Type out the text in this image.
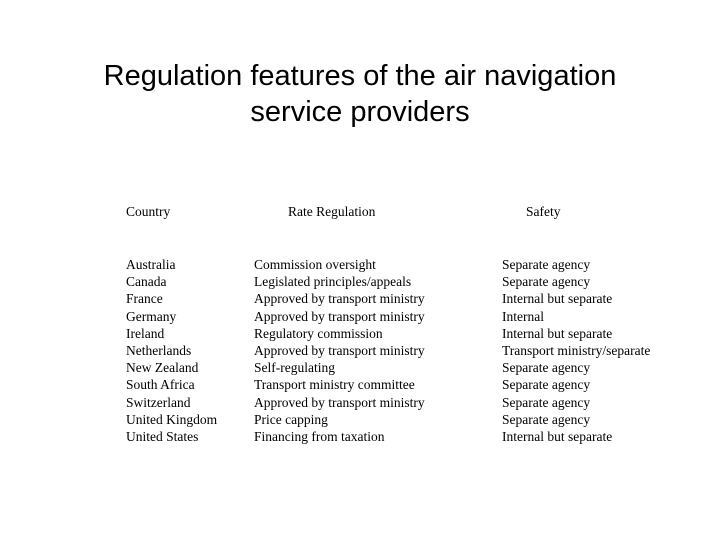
Regulation features of the air navigation
service providers
Country	Rate Regulation	Safety
Australia	Commission oversight	Separate agency
Canada	Legislated principles/appeals	Separate agency
France	Approved by transport ministry	Internal but separate
Germany	Approved by transport ministry	Internal
Ireland	Regulatory commission	Internal but separate
Netherlands	Approved by transport ministry	Transport ministry/separate
New Zealand	Self-regulating	Separate agency
South Africa	Transport ministry committee	Separate agency
Switzerland	Approved by transport ministry	Separate agency
United Kingdom	Price capping	Separate agency
United States	Financing from taxation	Internal but separate
